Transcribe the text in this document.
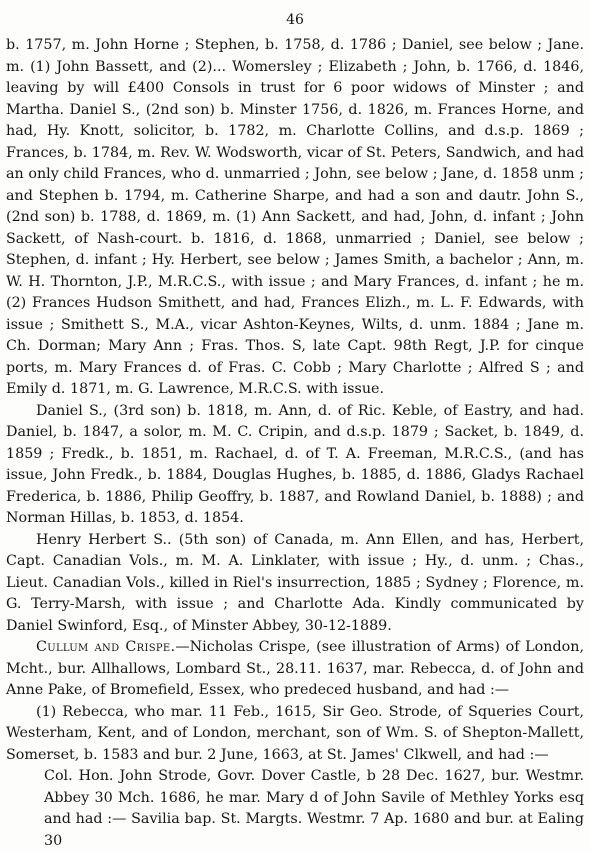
46

b. 1757, m. John Horne ; Stephen, b. 1758, d. 1786 ; Daniel, see below ; Jane. m. (1) John Bassett, and (2)... Womersley ; Elizabeth ; John, b. 1766, d. 1846, leaving by will £400 Consols in trust for 6 poor widows of Minster ; and Martha. Daniel S., (2nd son) b. Minster 1756, d. 1826, m. Frances Horne, and had, Hy. Knott, solicitor, b. 1782, m. Charlotte Collins, and d.s.p. 1869 ; Frances, b. 1784, m. Rev. W. Wodsworth, vicar of St. Peters, Sandwich, and had an only child Frances, who d. unmarried ; John, see below ; Jane, d. 1858 unm ; and Stephen b. 1794, m. Catherine Sharpe, and had a son and dautr. John S., (2nd son) b. 1788, d. 1869, m. (1) Ann Sackett, and had, John, d. infant ; John Sackett, of Nash-court. b. 1816, d. 1868, unmarried ; Daniel, see below ; Stephen, d. infant ; Hy. Herbert, see below ; James Smith, a bachelor ; Ann, m. W. H. Thornton, J.P., M.R.C.S., with issue ; and Mary Frances, d. infant ; he m. (2) Frances Hudson Smithett, and had, Frances Elizh., m. L. F. Edwards, with issue ; Smithett S., M.A., vicar Ashton-Keynes, Wilts, d. unm. 1884 ; Jane m. Ch. Dorman; Mary Ann ; Fras. Thos. S, late Capt. 98th Regt, J.P. for cinque ports, m. Mary Frances d. of Fras. C. Cobb ; Mary Charlotte ; Alfred S ; and Emily d. 1871, m. G. Lawrence, M.R.C.S. with issue.

Daniel S., (3rd son) b. 1818, m. Ann, d. of Ric. Keble, of Eastry, and had. Daniel, b. 1847, a solor, m. M. C. Cripin, and d.s.p. 1879 ; Sacket, b. 1849, d. 1859 ; Fredk., b. 1851, m. Rachael, d. of T. A. Freeman, M.R.C.S., (and has issue, John Fredk., b. 1884, Douglas Hughes, b. 1885, d. 1886, Gladys Rachael Frederica, b. 1886, Philip Geoffry, b. 1887, and Rowland Daniel, b. 1888) ; and Norman Hillas, b. 1853, d. 1854.

Henry Herbert S.. (5th son) of Canada, m. Ann Ellen, and has, Herbert, Capt. Canadian Vols., m. M. A. Linklater, with issue ; Hy., d. unm. ; Chas., Lieut. Canadian Vols., killed in Riel's insurrection, 1885 ; Sydney ; Florence, m. G. Terry-Marsh, with issue ; and Charlotte Ada. Kindly communicated by Daniel Swinford, Esq., of Minster Abbey, 30-12-1889.

Cullum and Crispe.—Nicholas Crispe, (see illustration of Arms) of London, Mcht., bur. Allhallows, Lombard St., 28.11. 1637, mar. Rebecca, d. of John and Anne Pake, of Bromefield, Essex, who predeced husband, and had :—

(1) Rebecca, who mar. 11 Feb., 1615, Sir Geo. Strode, of Squeries Court, Westerham, Kent, and of London, merchant, son of Wm. S. of Shepton-Mallett, Somerset, b. 1583 and bur. 2 June, 1663, at St. James' Clkwell, and had :—

Col. Hon. John Strode, Govr. Dover Castle, b 28 Dec. 1627, bur. Westmr. Abbey 30 Mch. 1686, he mar. Mary d of John Savile of Methley Yorks esq and had :— Savilia bap. St. Margts. Westmr. 7 Ap. 1680 and bur. at Ealing 30
